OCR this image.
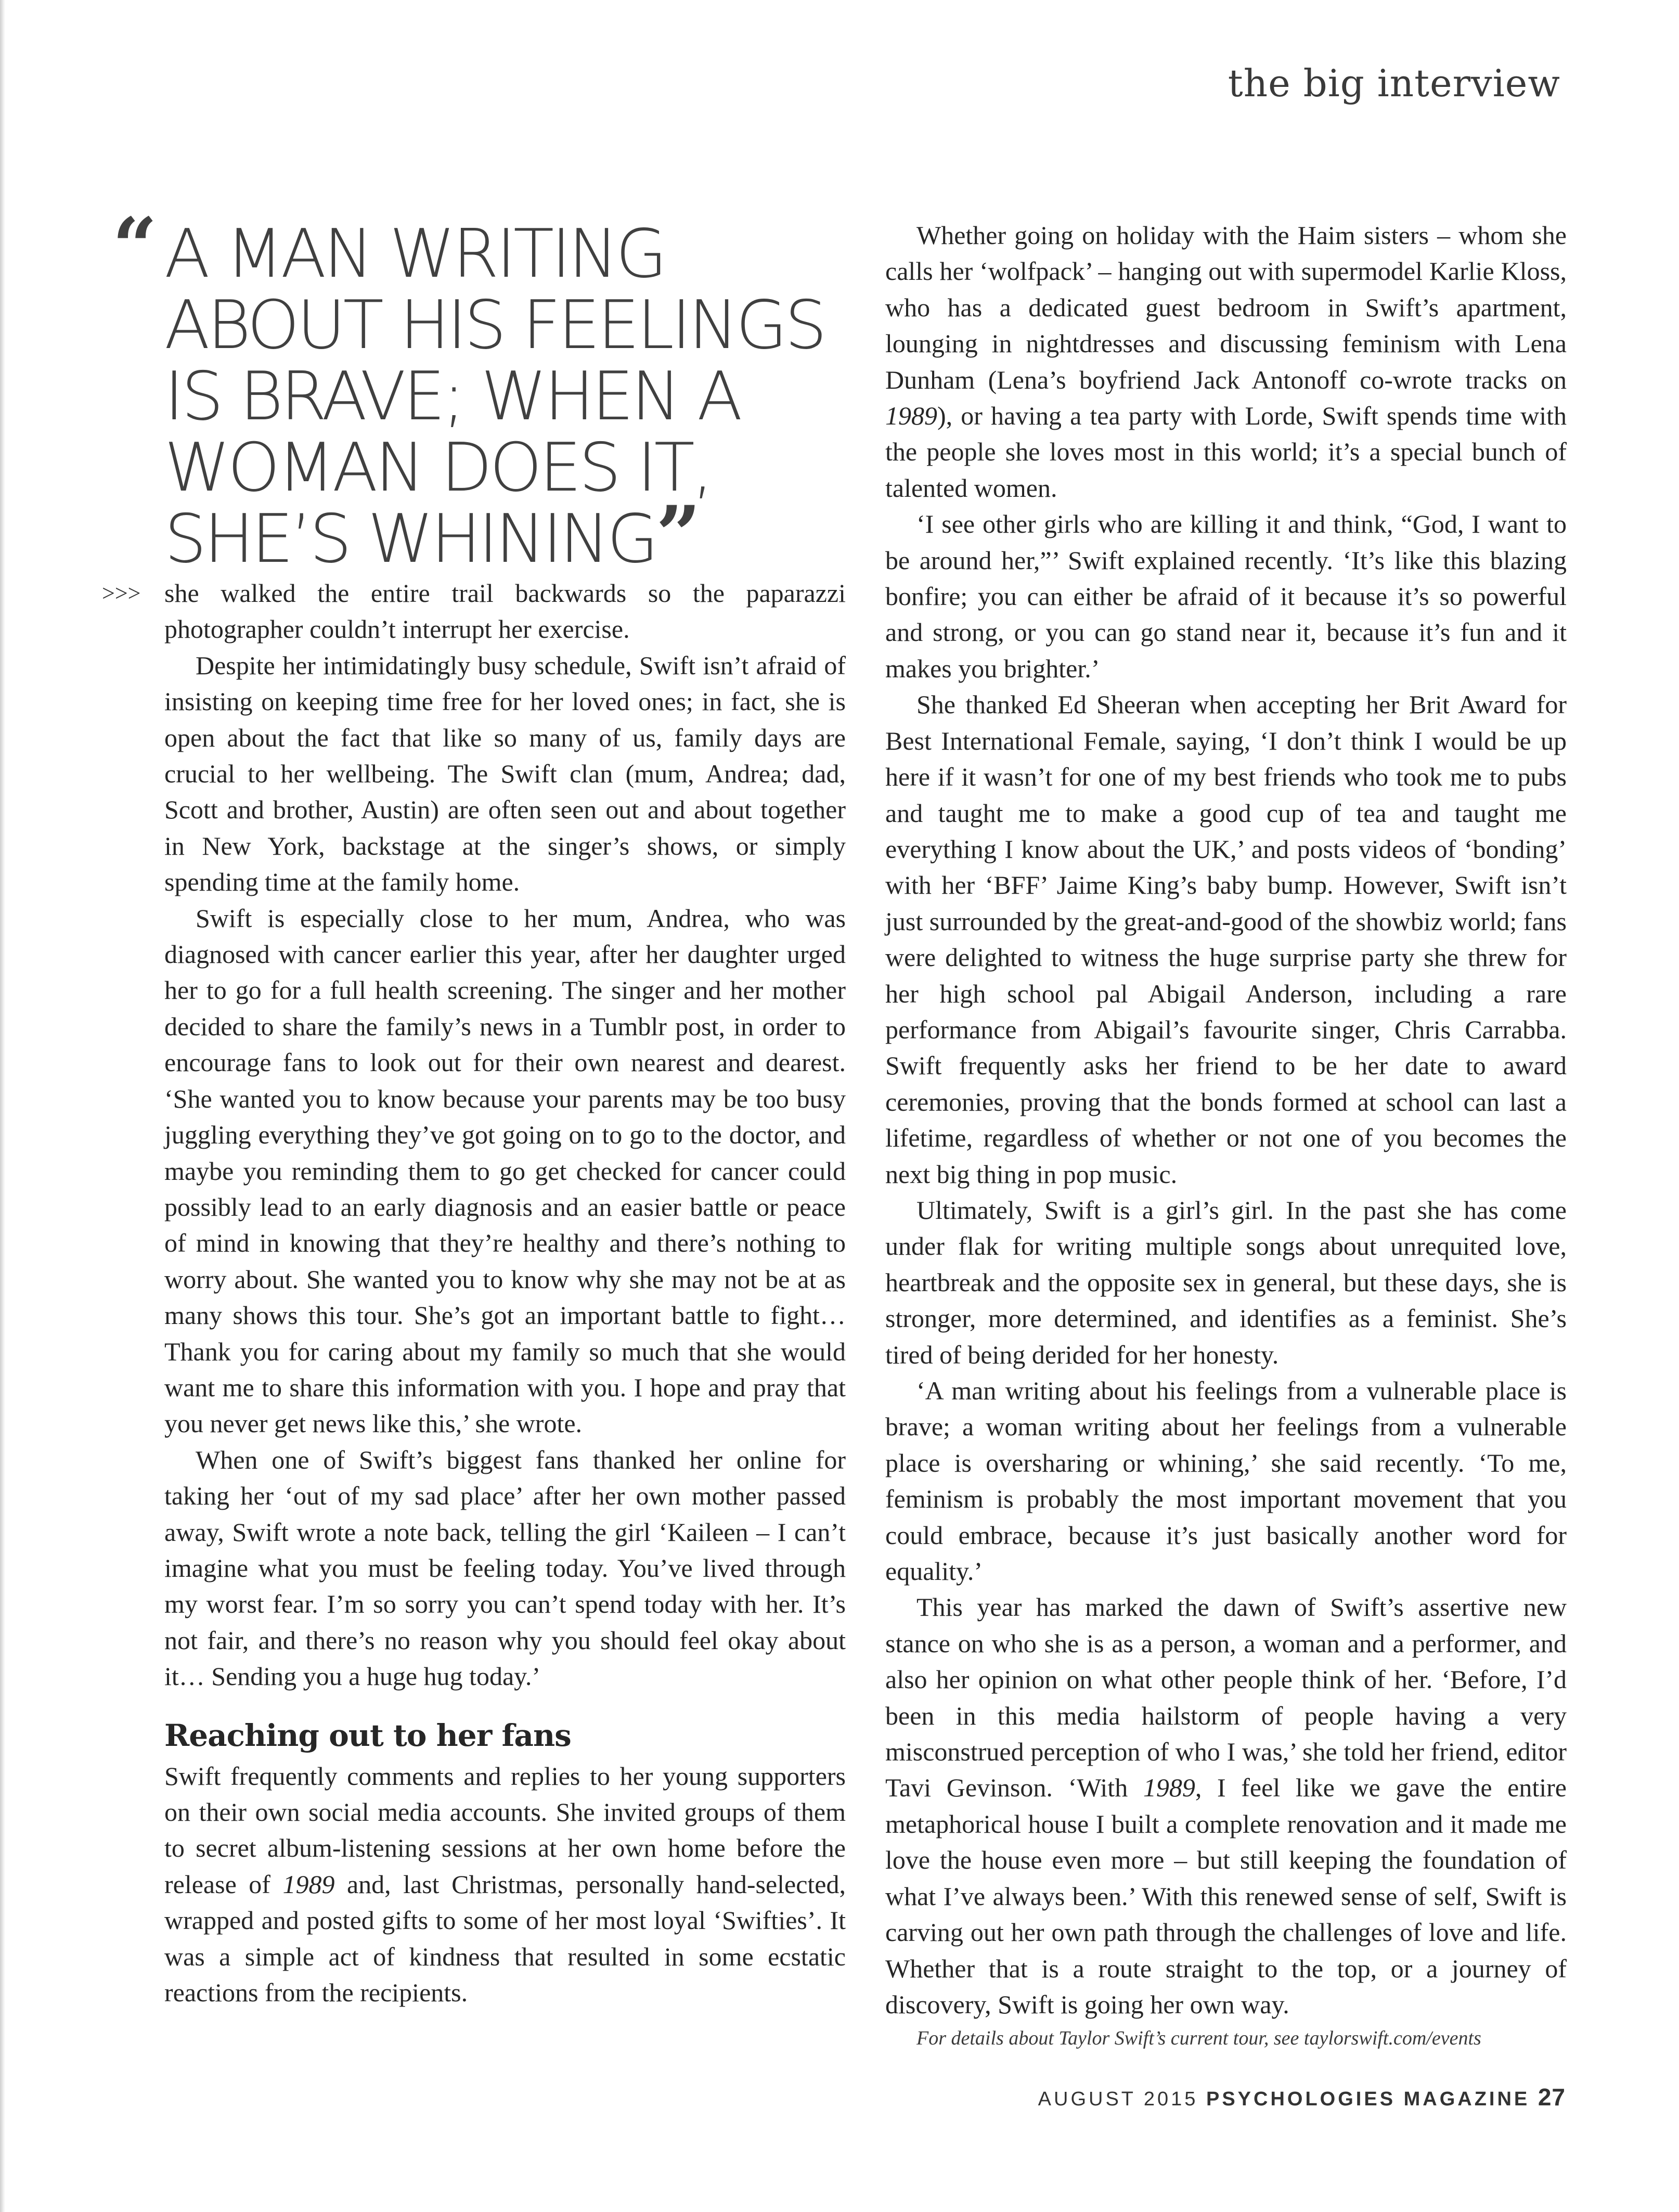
the big interview
“ A MAN WRITING ABOUT HIS FEELINGS IS BRAVE; WHEN A WOMAN DOES IT, SHE’S WHINING”
>>> she walked the entire trail backwards so the paparazzi photographer couldn’t interrupt her exercise.

Despite her intimidatingly busy schedule, Swift isn’t afraid of insisting on keeping time free for her loved ones; in fact, she is open about the fact that like so many of us, family days are crucial to her wellbeing. The Swift clan (mum, Andrea; dad, Scott and brother, Austin) are often seen out and about together in New York, backstage at the singer’s shows, or simply spending time at the family home.

Swift is especially close to her mum, Andrea, who was diagnosed with cancer earlier this year, after her daughter urged her to go for a full health screening. The singer and her mother decided to share the family’s news in a Tumblr post, in order to encourage fans to look out for their own nearest and dearest. ‘She wanted you to know because your parents may be too busy juggling everything they’ve got going on to go to the doctor, and maybe you reminding them to go get checked for cancer could possibly lead to an early diagnosis and an easier battle or peace of mind in knowing that they’re healthy and there’s nothing to worry about. She wanted you to know why she may not be at as many shows this tour. She’s got an important battle to fight… Thank you for caring about my family so much that she would want me to share this information with you. I hope and pray that you never get news like this,’ she wrote.

When one of Swift’s biggest fans thanked her online for taking her ‘out of my sad place’ after her own mother passed away, Swift wrote a note back, telling the girl ‘Kaileen – I can’t imagine what you must be feeling today. You’ve lived through my worst fear. I’m so sorry you can’t spend today with her. It’s not fair, and there’s no reason why you should feel okay about it… Sending you a huge hug today.’

Reaching out to her fans

Swift frequently comments and replies to her young supporters on their own social media accounts. She invited groups of them to secret album-listening sessions at her own home before the release of 1989 and, last Christmas, personally hand-selected, wrapped and posted gifts to some of her most loyal ‘Swifties’. It was a simple act of kindness that resulted in some ecstatic reactions from the recipients.

Whether going on holiday with the Haim sisters – whom she calls her ‘wolfpack’ – hanging out with supermodel Karlie Kloss, who has a dedicated guest bedroom in Swift’s apartment, lounging in nightdresses and discussing feminism with Lena Dunham (Lena’s boyfriend Jack Antonoff co-wrote tracks on 1989), or having a tea party with Lorde, Swift spends time with the people she loves most in this world; it’s a special bunch of talented women.

‘I see other girls who are killing it and think, “God, I want to be around her,”’ Swift explained recently. ‘It’s like this blazing bonfire; you can either be afraid of it because it’s so powerful and strong, or you can go stand near it, because it’s fun and it makes you brighter.’

She thanked Ed Sheeran when accepting her Brit Award for Best International Female, saying, ‘I don’t think I would be up here if it wasn’t for one of my best friends who took me to pubs and taught me to make a good cup of tea and taught me everything I know about the UK,’ and posts videos of ‘bonding’ with her ‘BFF’ Jaime King’s baby bump. However, Swift isn’t just surrounded by the great-and-good of the showbiz world; fans were delighted to witness the huge surprise party she threw for her high school pal Abigail Anderson, including a rare performance from Abigail’s favourite singer, Chris Carrabba. Swift frequently asks her friend to be her date to award ceremonies, proving that the bonds formed at school can last a lifetime, regardless of whether or not one of you becomes the next big thing in pop music.

Ultimately, Swift is a girl’s girl. In the past she has come under flak for writing multiple songs about unrequited love, heartbreak and the opposite sex in general, but these days, she is stronger, more determined, and identifies as a feminist. She’s tired of being derided for her honesty.

‘A man writing about his feelings from a vulnerable place is brave; a woman writing about her feelings from a vulnerable place is oversharing or whining,’ she said recently. ‘To me, feminism is probably the most important movement that you could embrace, because it’s just basically another word for equality.’

This year has marked the dawn of Swift’s assertive new stance on who she is as a person, a woman and a performer, and also her opinion on what other people think of her. ‘Before, I’d been in this media hailstorm of people having a very misconstrued perception of who I was,’ she told her friend, editor Tavi Gevinson. ‘With 1989, I feel like we gave the entire metaphorical house I built a complete renovation and it made me love the house even more – but still keeping the foundation of what I’ve always been.’ With this renewed sense of self, Swift is carving out her own path through the challenges of love and life. Whether that is a route straight to the top, or a journey of discovery, Swift is going her own way.

For details about Taylor Swift’s current tour, see taylorswift.com/events

AUGUST 2015 PSYCHOLOGIES MAGAZINE 27
